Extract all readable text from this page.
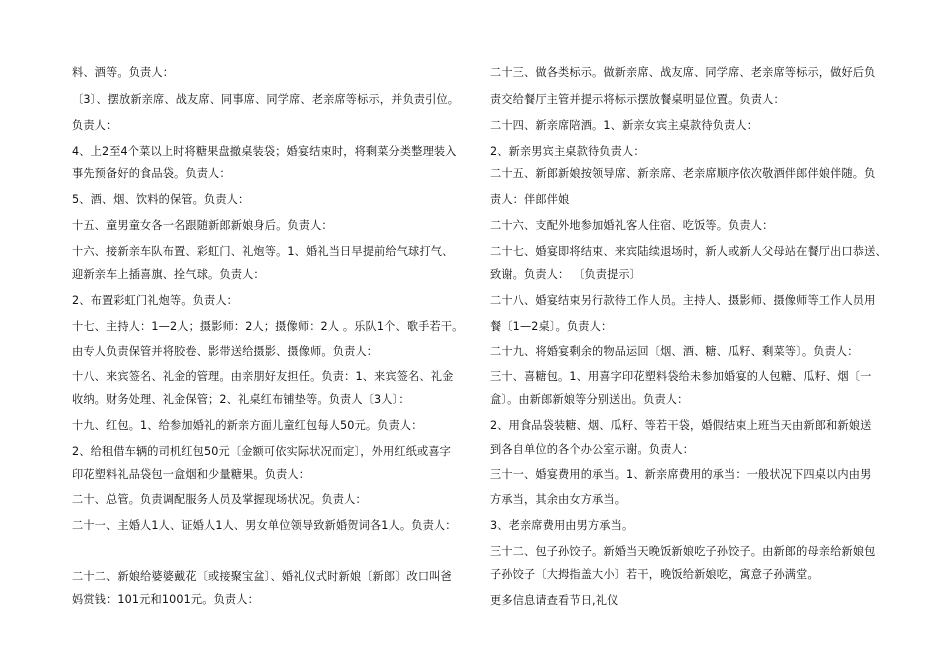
料、酒等。负责人：
〔3〕、摆放新亲席、战友席、同事席、同学席、老亲席等标示，并负责引位。
负责人：
4、上2至4个菜以上时将糖果盘撤桌装袋；婚宴结束时，将剩菜分类整理装入
事先预备好的食品袋。负责人：
5、酒、烟、饮料的保管。负责人：
十五、童男童女各一名跟随新郎新娘身后。负责人：
十六、接新亲车队布置、彩虹门、礼炮等。1、婚礼当日早提前给气球打气、
迎新亲车上插喜旗、拴气球。负责人：
2、布置彩虹门礼炮等。负责人：
十七、主持人：1—2人；摄影师：2人；摄像师：2人 。乐队1个、歌手若干。
由专人负责保管并将胶卷、影带送给摄影、摄像师。负责人：
十八、来宾签名、礼金的管理。由亲朋好友担任。负责：1、来宾签名、礼金
收纳。财务处理、礼金保管；2、礼桌红布铺垫等。负责人〔3人〕：
十九、红包。1、给参加婚礼的新亲方面儿童红包每人50元。负责人：
2、给租借车辆的司机红包50元〔金额可依实际状况而定〕，外用红纸或喜字
印花塑料礼品袋包一盒烟和少量糖果。负责人：
二十、总管。负责调配服务人员及掌握现场状况。负责人：
二十一、主婚人1人、证婚人1人、男女单位领导致新婚贺词各1人。负责人：
二十二、新娘给婆婆戴花〔或接聚宝盆〕、婚礼仪式时新娘〔新郎〕改口叫爸
妈赏钱：101元和1001元。负责人：
二十三、做各类标示。做新亲席、战友席、同学席、老亲席等标示，做好后负
责交给餐厅主管并提示将标示摆放餐桌明显位置。负责人：
二十四、新亲席陪酒。1、新亲女宾主桌款待负责人：
2、新亲男宾主桌款待负责人：
二十五、新郎新娘按领导席、新亲席、老亲席顺序依次敬酒伴郎伴娘伴随。负
责人：伴郎伴娘
二十六、支配外地参加婚礼客人住宿、吃饭等。负责人：
二十七、婚宴即将结束、来宾陆续退场时，新人或新人父母站在餐厅出口恭送、
致谢。负责人： 〔负责提示〕
二十八、婚宴结束另行款待工作人员。主持人、摄影师、摄像师等工作人员用
餐〔1—2桌〕。负责人：
二十九、将婚宴剩余的物品运回〔烟、酒、糖、瓜籽、剩菜等〕。负责人：
三十、喜糖包。1、用喜字印花塑料袋给未参加婚宴的人包糖、瓜籽、烟〔一
盒〕。由新郎新娘等分别送出。负责人：
2、用食品袋装糖、烟、瓜籽、等若干袋，婚假结束上班当天由新郎和新娘送
到各自单位的各个办公室示谢。负责人：
三十一、婚宴费用的承当。1、新亲席费用的承当：一般状况下四桌以内由男
方承当，其余由女方承当。
3、老亲席费用由男方承当。
三十二、包子孙饺子。新婚当天晚饭新娘吃子孙饺子。由新郎的母亲给新娘包
子孙饺子〔大拇指盖大小〕若干，晚饭给新娘吃，寓意子孙满堂。
更多信息请查看节日,礼仪
